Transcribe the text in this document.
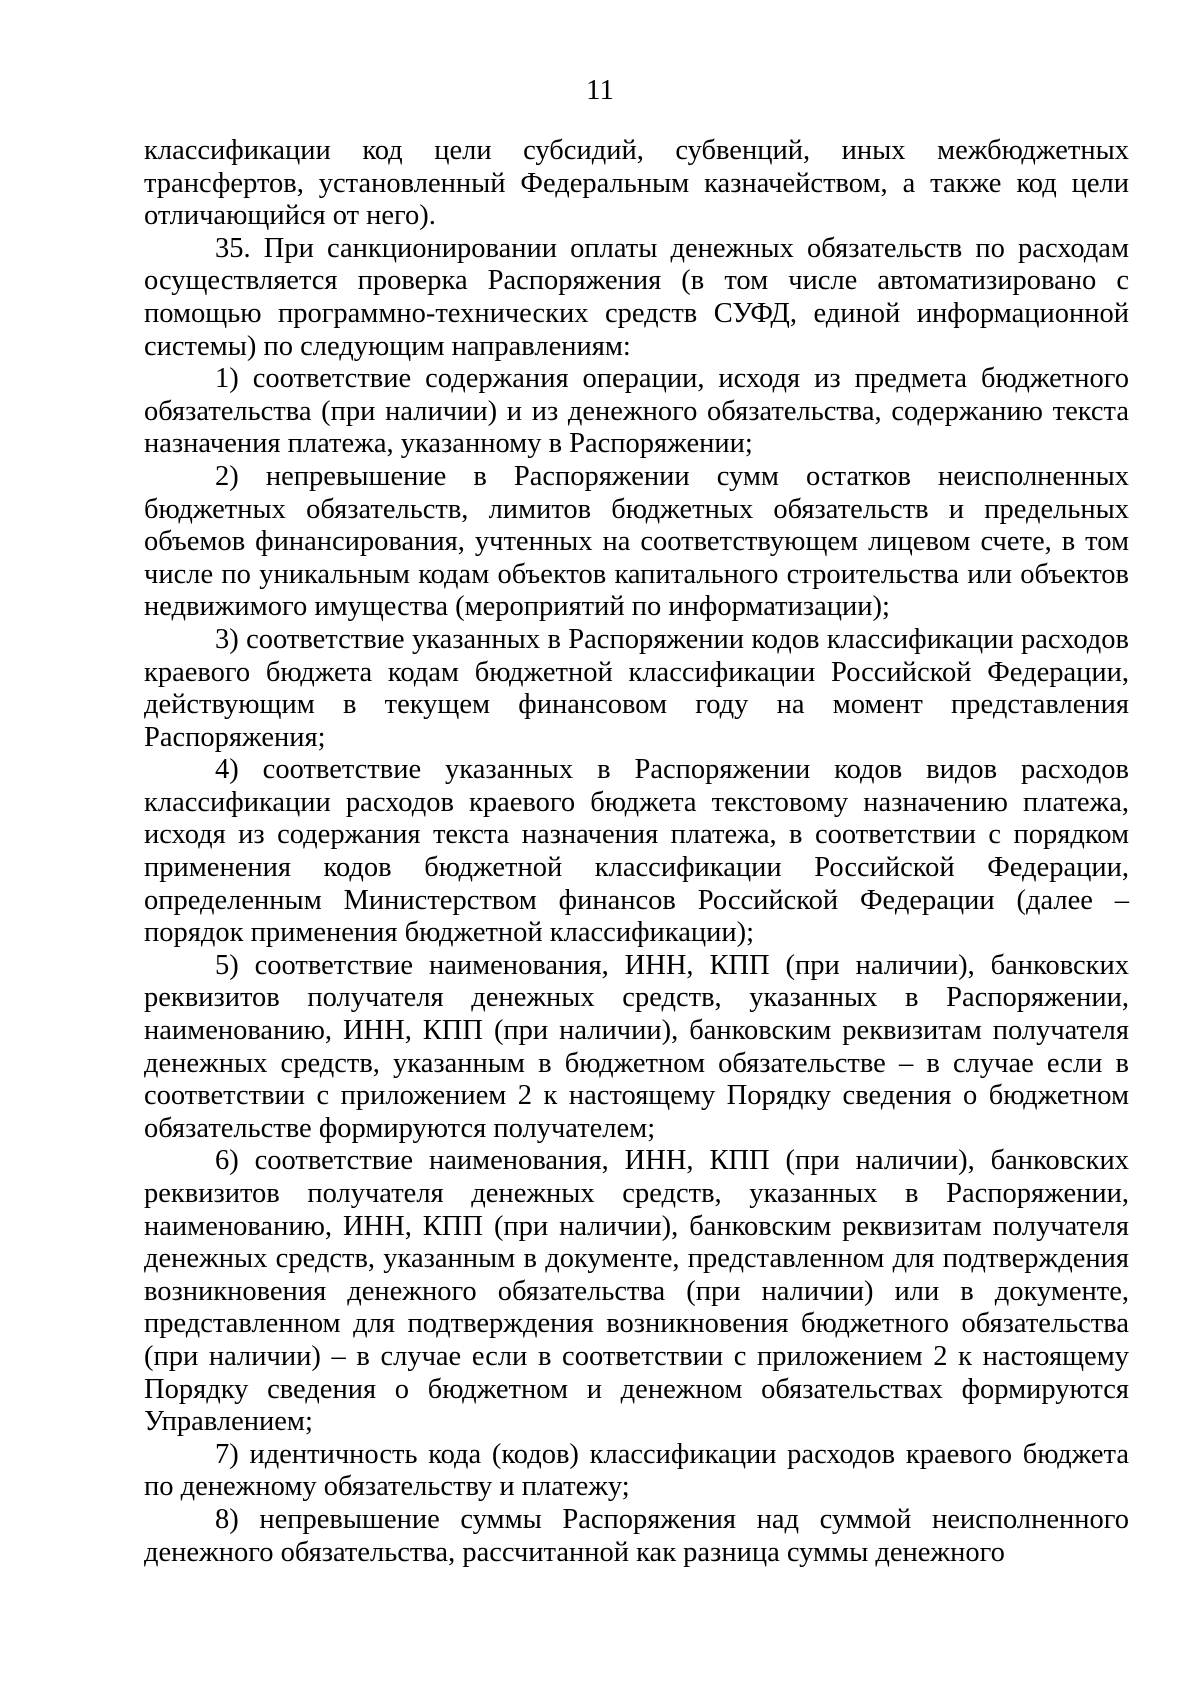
11

классификации код цели субсидий, субвенций, иных межбюджетных трансфертов, установленный Федеральным казначейством, а также код цели отличающийся от него).

35. При санкционировании оплаты денежных обязательств по расходам осуществляется проверка Распоряжения (в том числе автоматизировано с помощью программно-технических средств СУФД, единой информационной системы) по следующим направлениям:

1) соответствие содержания операции, исходя из предмета бюджетного обязательства (при наличии) и из денежного обязательства, содержанию текста назначения платежа, указанному в Распоряжении;

2) непревышение в Распоряжении сумм остатков неисполненных бюджетных обязательств, лимитов бюджетных обязательств и предельных объемов финансирования, учтенных на соответствующем лицевом счете, в том числе по уникальным кодам объектов капитального строительства или объектов недвижимого имущества (мероприятий по информатизации);

3) соответствие указанных в Распоряжении кодов классификации расходов краевого бюджета кодам бюджетной классификации Российской Федерации, действующим в текущем финансовом году на момент представления Распоряжения;

4) соответствие указанных в Распоряжении кодов видов расходов классификации расходов краевого бюджета текстовому назначению платежа, исходя из содержания текста назначения платежа, в соответствии с порядком применения кодов бюджетной классификации Российской Федерации, определенным Министерством финансов Российской Федерации (далее – порядок применения бюджетной классификации);

5) соответствие наименования, ИНН, КПП (при наличии), банковских реквизитов получателя денежных средств, указанных в Распоряжении, наименованию, ИНН, КПП (при наличии), банковским реквизитам получателя денежных средств, указанным в бюджетном обязательстве – в случае если в соответствии с приложением 2 к настоящему Порядку сведения о бюджетном обязательстве формируются получателем;

6) соответствие наименования, ИНН, КПП (при наличии), банковских реквизитов получателя денежных средств, указанных в Распоряжении, наименованию, ИНН, КПП (при наличии), банковским реквизитам получателя денежных средств, указанным в документе, представленном для подтверждения возникновения денежного обязательства (при наличии) или в документе, представленном для подтверждения возникновения бюджетного обязательства (при наличии) – в случае если в соответствии с приложением 2 к настоящему Порядку сведения о бюджетном и денежном обязательствах формируются Управлением;

7) идентичность кода (кодов) классификации расходов краевого бюджета по денежному обязательству и платежу;

8) непревышение суммы Распоряжения над суммой неисполненного денежного обязательства, рассчитанной как разница суммы денежного
